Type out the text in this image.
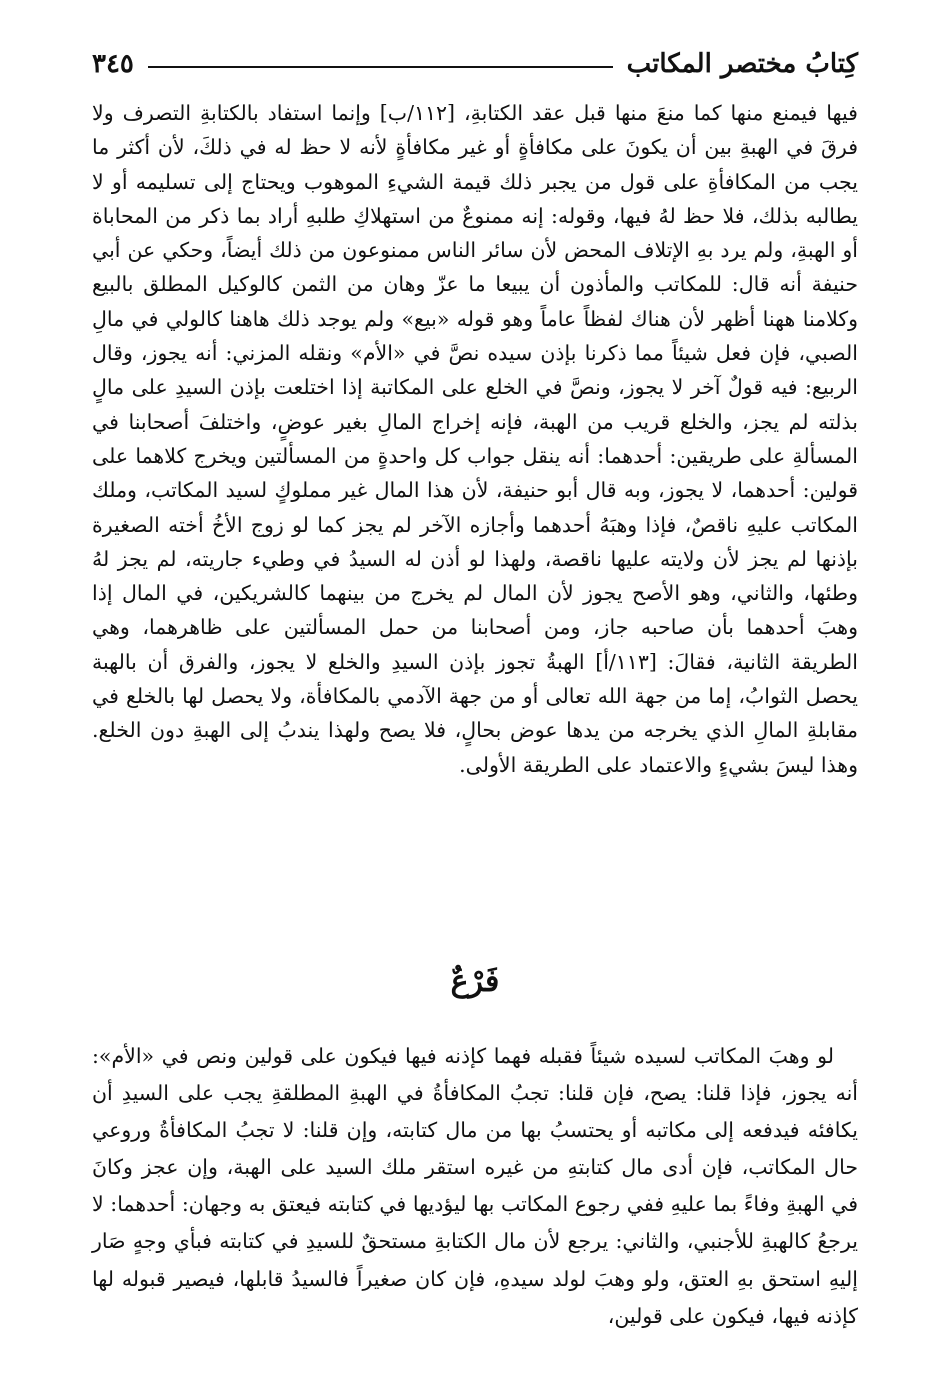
كِتابُ مختصر المكاتب
٣٤٥
فيها فيمنع منها كما منعَ منها قبل عقد الكتابةِ، [١١٢/ب] وإنما استفاد بالكتابةِ التصرف ولا فرقَ في الهبةِ بين أن يكونَ على مكافأةٍ أو غير مكافأةٍ لأنه لا حظ له في ذلكَ، لأن أكثر ما يجب من المكافأةِ على قول من يجبر ذلك قيمة الشيءِ الموهوب ويحتاج إلى تسليمه أو لا يطالبه بذلك، فلا حظ لهُ فيها، وقوله: إنه ممنوعٌ من استهلاكِ طلبهِ أراد بما ذكر من المحاباة أو الهبةِ، ولم يرد بهِ الإتلاف المحض لأن سائر الناس ممنوعون من ذلك أيضاً، وحكي عن أبي حنيفة أنه قال: للمكاتب والمأذون أن يبيعا ما عزّ وهان من الثمن كالوكيل المطلق بالبيع وكلامنا ههنا أظهر لأن هناك لفظاً عاماً وهو قوله «بيع» ولم يوجد ذلك هاهنا كالولي في مالِ الصبي، فإن فعل شيئاً مما ذكرنا بإذن سيده نصَّ في «الأم» ونقله المزني: أنه يجوز، وقال الربيع: فيه قولٌ آخر لا يجوز، ونصَّ في الخلع على المكاتبة إذا اختلعت بإذن السيدِ على مالٍ بذلته لم يجز، والخلع قريب من الهبة، فإنه إخراج المالِ بغير عوضٍ، واختلفَ أصحابنا في المسألةِ على طريقين: أحدهما: أنه ينقل جواب كل واحدةٍ من المسألتين ويخرج كلاهما على قولين: أحدهما، لا يجوز، وبه قال أبو حنيفة، لأن هذا المال غير مملوكٍ لسيد المكاتب، وملك المكاتب عليهِ ناقصٌ، فإذا وهبَهُ أحدهما وأجازه الآخر لم يجز كما لو زوج الأخُ أخته الصغيرة بإذنها لم يجز لأن ولايته عليها ناقصة، ولهذا لو أذن له السيدُ في وطيء جاريته، لم يجز لهُ وطئها، والثاني، وهو الأصح يجوز لأن المال لم يخرج من بينهما كالشريكين، في المال إذا وهبَ أحدهما بأن صاحبه جاز، ومن أصحابنا من حمل المسألتين على ظاهرهما، وهي الطريقة الثانية، فقالَ: [١١٣/أ] الهبةُ تجوز بإذن السيدِ والخلع لا يجوز، والفرق أن بالهبة يحصل الثوابُ، إما من جهة الله تعالى أو من جهة الآدمي بالمكافأة، ولا يحصل لها بالخلع في مقابلةِ المالِ الذي يخرجه من يدها عوض بحالٍ، فلا يصح ولهذا يندبُ إلى الهبةِ دون الخلع. وهذا ليسَ بشيءٍ والاعتماد على الطريقة الأولى.
فَرْعٌ
لو وهبَ المكاتب لسيده شيئاً فقبله فهما كإذنه فيها فيكون على قولين ونص في «الأم»: أنه يجوز، فإذا قلنا: يصح، فإن قلنا: تجبُ المكافأةُ في الهبةِ المطلقةِ يجب على السيدِ أن يكافئه فيدفعه إلى مكاتبه أو يحتسبُ بها من مال كتابته، وإن قلنا: لا تجبُ المكافأةُ وروعي حال المكاتب، فإن أدى مال كتابتهِ من غيره استقر ملك السيد على الهبة، وإن عجز وكانَ في الهبةِ وفاءً بما عليهِ ففي رجوع المكاتب بها ليؤديها في كتابته فيعتق به وجهان: أحدهما: لا يرجعُ كالهبةِ للأجنبي، والثاني: يرجع لأن مال الكتابةِ مستحقٌ للسيدِ في كتابته فبأي وجهٍ صَار إليهِ استحق بهِ العتق، ولو وهبَ لولد سيدهِ، فإن كان صغيراً فالسيدُ قابلها، فيصير قبوله لها كإذنه فيها، فيكون على قولين،
